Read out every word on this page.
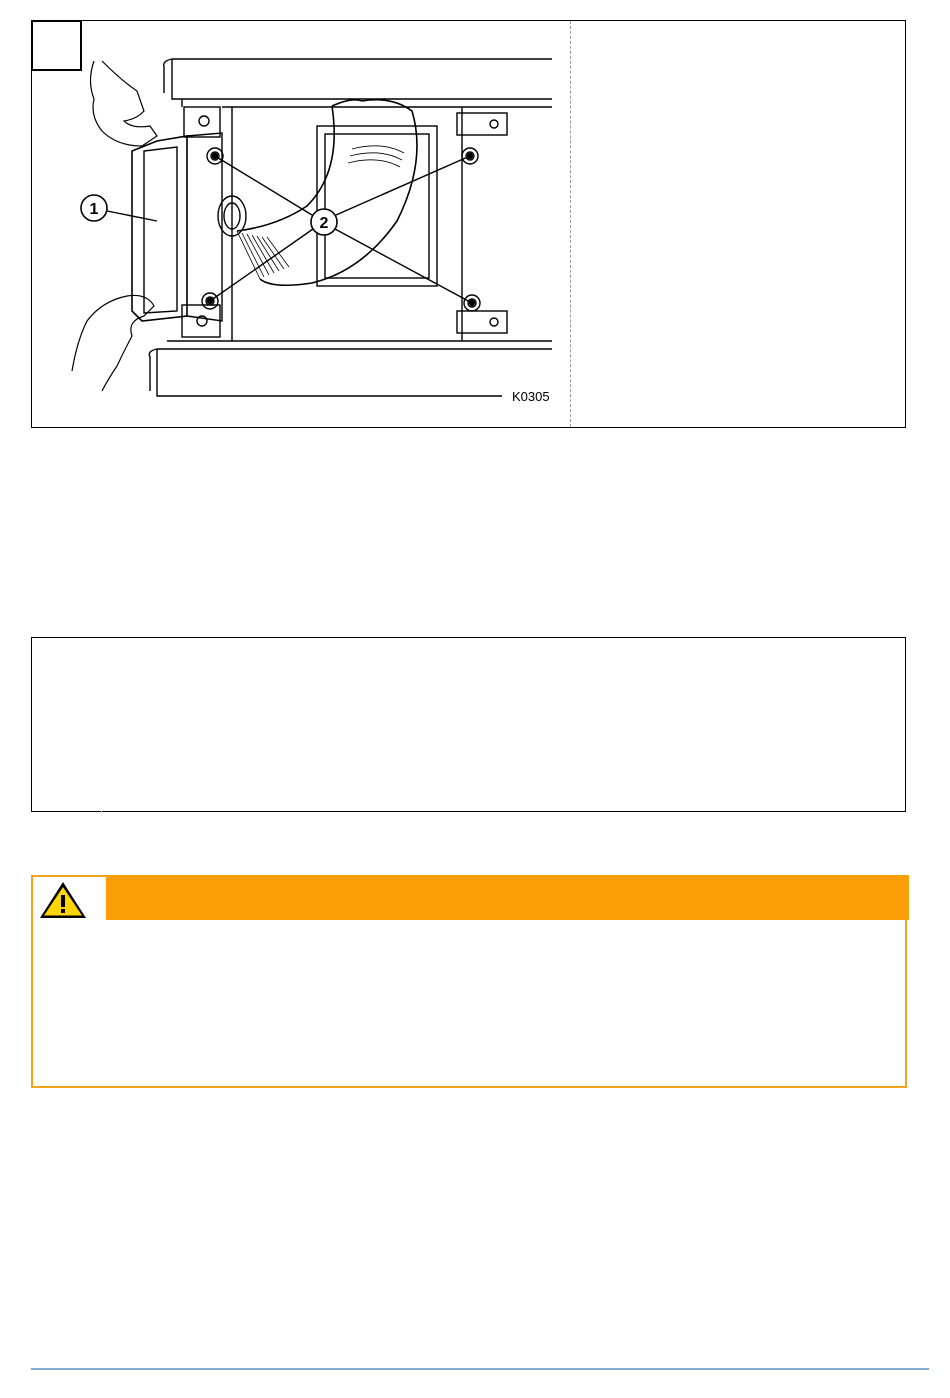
1
2
K0305
